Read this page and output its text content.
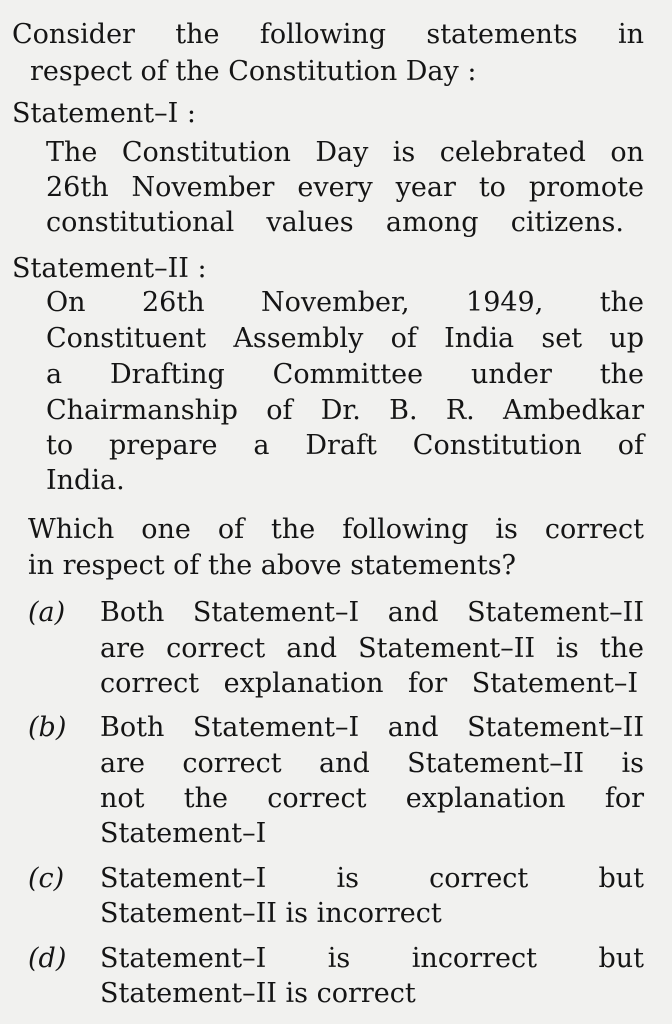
Consider the following statements in
respect of the Constitution Day :
Statement–I :
The Constitution Day is celebrated on
26th November every year to promote
constitutional values among citizens.
Statement–II :
On 26th November, 1949, the
Constituent Assembly of India set up
a Drafting Committee under the
Chairmanship of Dr. B. R. Ambedkar
to prepare a Draft Constitution of
India.
Which one of the following is correct
in respect of the above statements?
(a) Both Statement–I and Statement–II
are correct and Statement–II is the
correct explanation for Statement–I
(b) Both Statement–I and Statement–II
are correct and Statement–II is
not the correct explanation for
Statement–I
(c) Statement–I is correct but
Statement–II is incorrect
(d) Statement–I is incorrect but
Statement–II is correct
